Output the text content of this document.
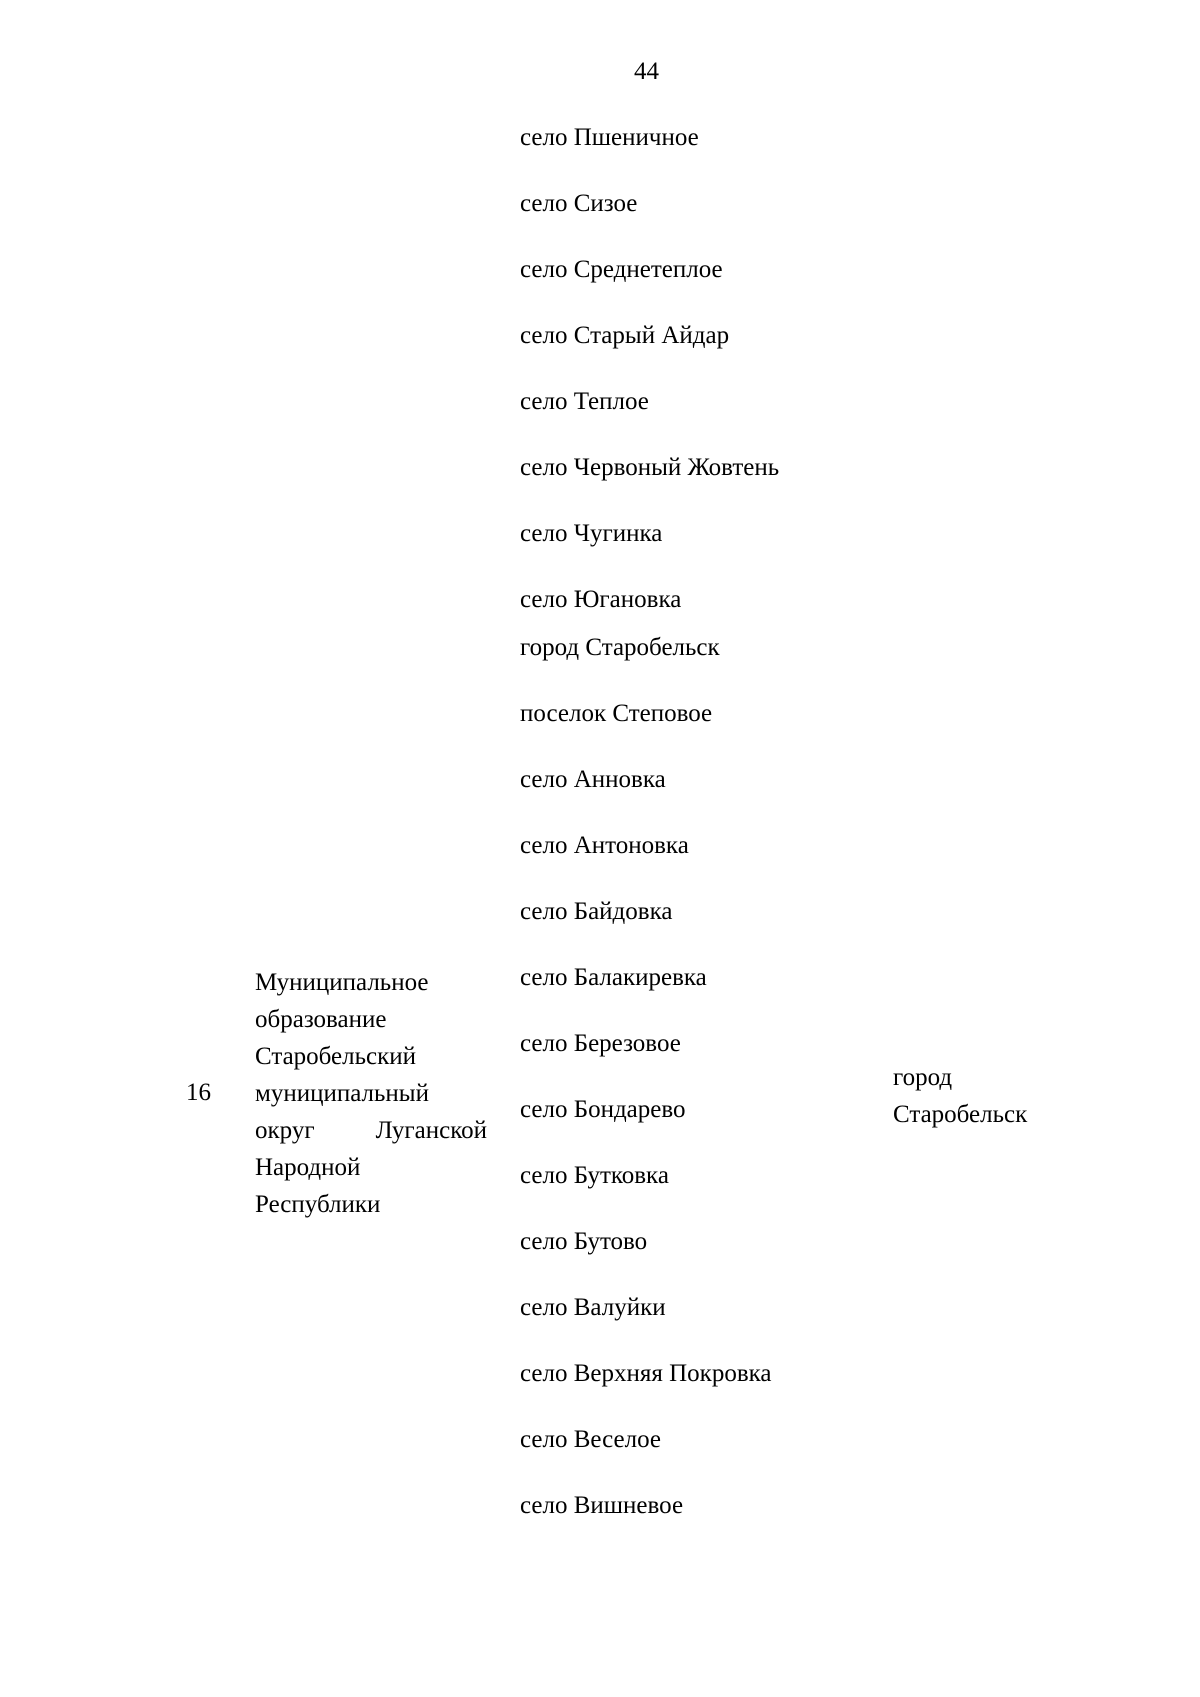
44
село Пшеничное
село Сизое
село Среднетеплое
село Старый Айдар
село Теплое
село Червоный Жовтень
село Чугинка
село Югановка
город Старобельск
поселок Степовое
село Анновка
село Антоновка
село Байдовка
село Балакиревка
село Березовое
село Бондарево
село Бутковка
село Бутово
село Валуйки
село Верхняя Покровка
село Веселое
село Вишневое
16
Муниципальное
образование
Старобельский
муниципальный
округ Луганской
Народной
Республики
город
Старобельск
